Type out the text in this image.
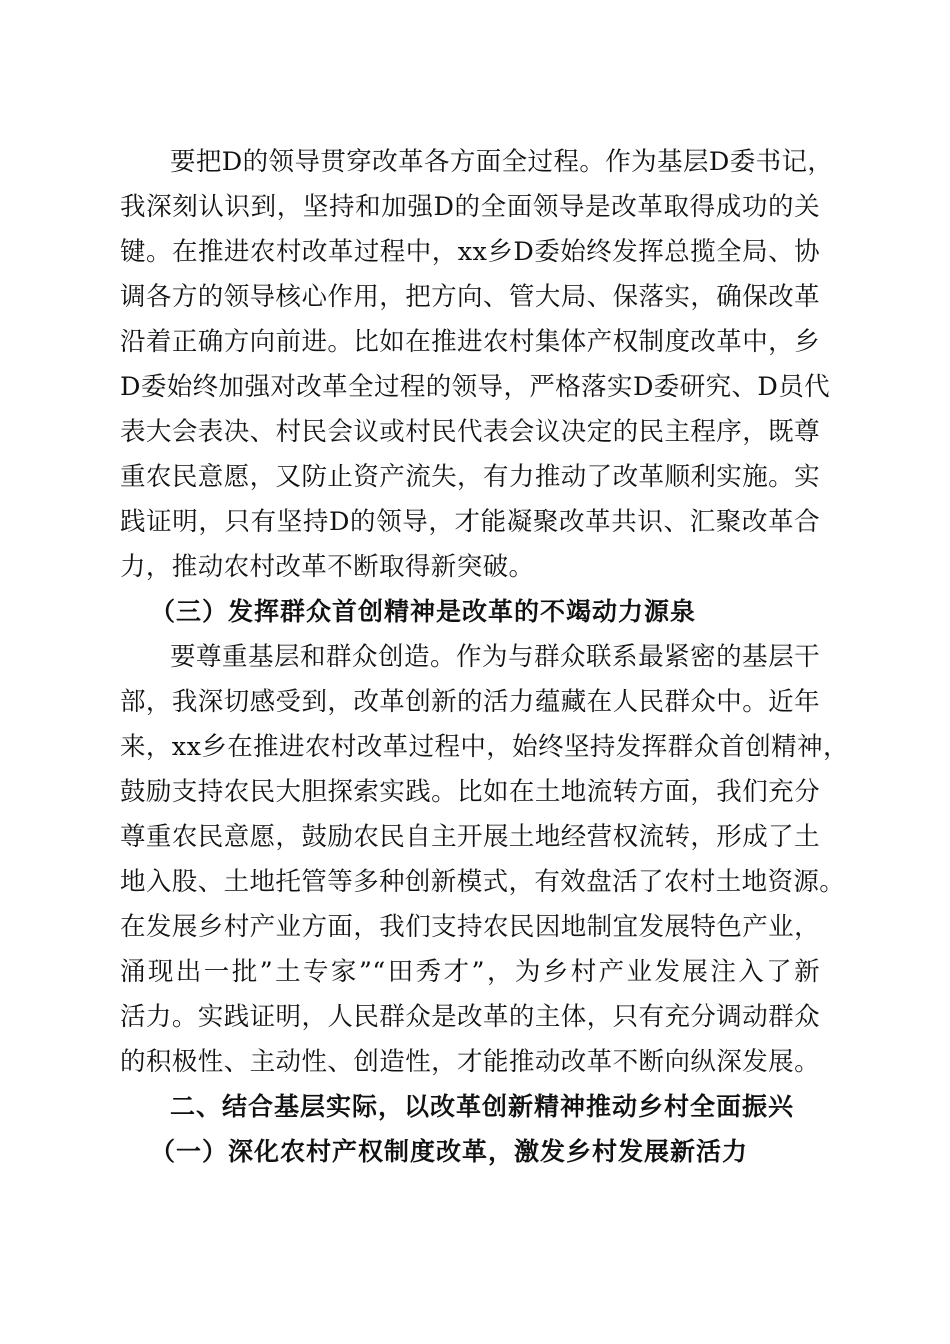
要把D的领导贯穿改革各方面全过程。作为基层D委书记，
我深刻认识到，坚持和加强D的全面领导是改革取得成功的关
键。在推进农村改革过程中，xx乡D委始终发挥总揽全局、协
调各方的领导核心作用，把方向、管大局、保落实，确保改革
沿着正确方向前进。比如在推进农村集体产权制度改革中，乡
D委始终加强对改革全过程的领导，严格落实D委研究、D员代
表大会表决、村民会议或村民代表会议决定的民主程序，既尊
重农民意愿，又防止资产流失，有力推动了改革顺利实施。实
践证明，只有坚持D的领导，才能凝聚改革共识、汇聚改革合
力，推动农村改革不断取得新突破。
（三）发挥群众首创精神是改革的不竭动力源泉
要尊重基层和群众创造。作为与群众联系最紧密的基层干
部，我深切感受到，改革创新的活力蕴藏在人民群众中。近年
来，xx乡在推进农村改革过程中，始终坚持发挥群众首创精神，
鼓励支持农民大胆探索实践。比如在土地流转方面，我们充分
尊重农民意愿，鼓励农民自主开展土地经营权流转，形成了土
地入股、土地托管等多种创新模式，有效盘活了农村土地资源。
在发展乡村产业方面，我们支持农民因地制宜发展特色产业，
涌现出一批”土专家”“田秀才”，为乡村产业发展注入了新
活力。实践证明，人民群众是改革的主体，只有充分调动群众
的积极性、主动性、创造性，才能推动改革不断向纵深发展。
二、结合基层实际，以改革创新精神推动乡村全面振兴
（一）深化农村产权制度改革，激发乡村发展新活力
